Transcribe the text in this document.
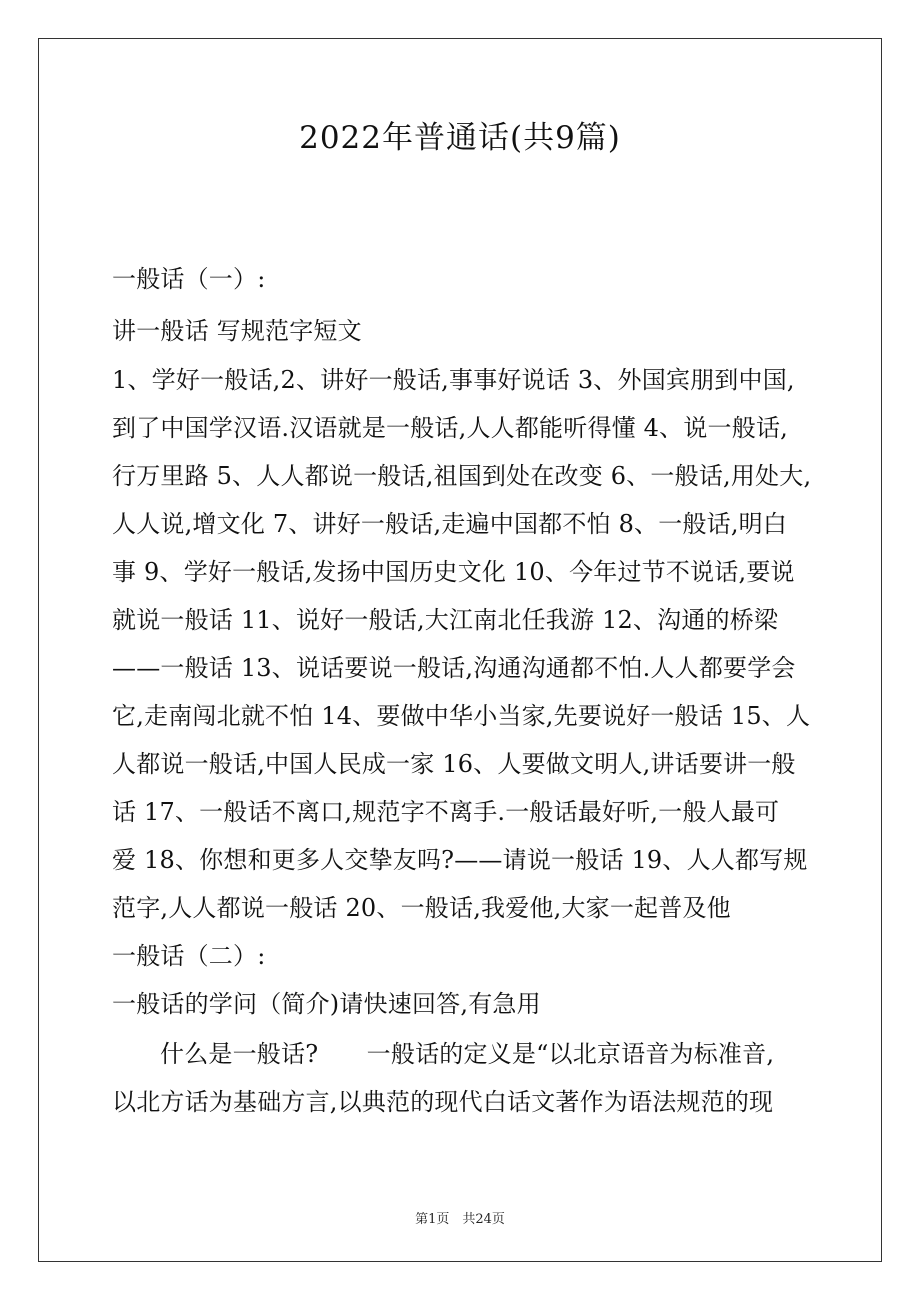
2022年普通话(共9篇)

一般话（一）:

讲一般话 写规范字短文

1、学好一般话,2、讲好一般话,事事好说话 3、外国宾朋到中国,

到了中国学汉语.汉语就是一般话,人人都能听得懂 4、说一般话,

行万里路 5、人人都说一般话,祖国到处在改变 6、一般话,用处大,

人人说,增文化 7、讲好一般话,走遍中国都不怕 8、一般话,明白

事 9、学好一般话,发扬中国历史文化 10、今年过节不说话,要说

就说一般话 11、说好一般话,大江南北任我游 12、沟通的桥梁

——一般话 13、说话要说一般话,沟通沟通都不怕.人人都要学会

它,走南闯北就不怕 14、要做中华小当家,先要说好一般话 15、人

人都说一般话,中国人民成一家 16、人要做文明人,讲话要讲一般

话 17、一般话不离口,规范字不离手.一般话最好听,一般人最可

爱 18、你想和更多人交挚友吗?——请说一般话 19、人人都写规

范字,人人都说一般话 20、一般话,我爱他,大家一起普及他

一般话（二）:

一般话的学问（简介)请快速回答,有急用

什么是一般话?　　一般话的定义是“以北京语音为标准音,

以北方话为基础方言,以典范的现代白话文著作为语法规范的现

第1页　共24页
